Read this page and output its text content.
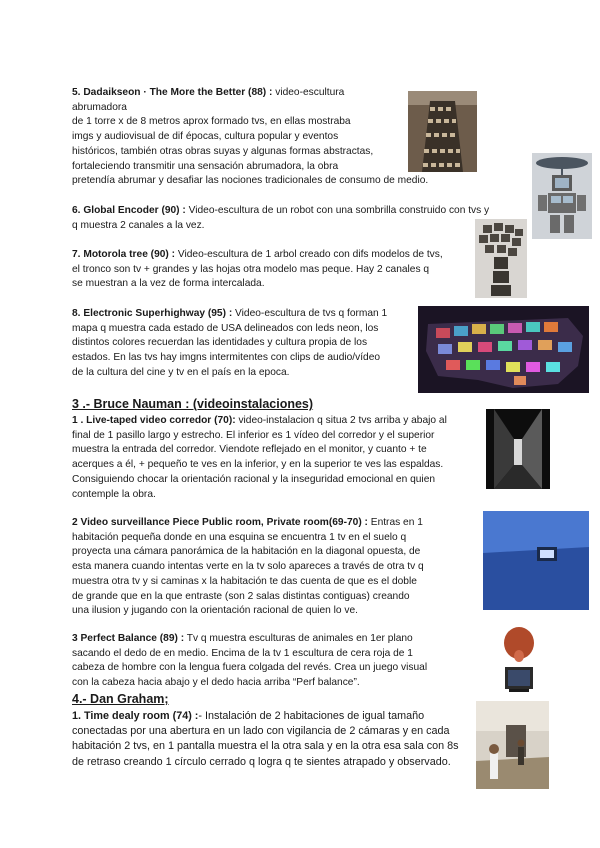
5. Dadaikseon · The More the Better (88) : video-escultura
abrumadora
de 1 torre x de 8 metros aprox formado tvs, en ellas mostraba
imgs y audiovisual de dif épocas, cultura popular y eventos
históricos, también otras obras suyas y algunas formas abstractas,
fortaleciendo transmitir una sensación abrumadora, la obra
pretendía abrumar y desafiar las nociones tradicionales de consumo de medio.

6. Global Encoder (90) : Video-escultura de un robot con una sombrilla construido con tvs y
q muestra 2 canales a la vez.

7. Motorola tree (90) : Video-escultura de 1 arbol creado con difs modelos de tvs,
el tronco son tv + grandes y las hojas otra modelo mas peque. Hay 2 canales q
se muestran a la vez de forma intercalada.

8. Electronic Superhighway (95) : Video-escultura de tvs q forman 1
mapa q muestra cada estado de USA delineados con leds neon, los
distintos colores recuerdan las identidades y cultura propia de los
estados. En las tvs hay imgns intermitentes con clips de audio/vídeo
de la cultura del cine y tv en el país en la epoca.

3 .- Bruce Nauman : (videoinstalaciones)

1 . Live-taped video corredor (70): video-instalacion q situa 2 tvs arriba y abajo al
final de 1 pasillo largo y estrecho. El inferior es 1 vídeo del corredor y el superior
muestra la entrada del corredor. Viendote reflejado en el monitor, y cuanto + te
acerques a él, + pequeño te ves en la inferior, y en la superior te ves las espaldas.
Consiguiendo chocar la orientación racional y la inseguridad emocional en quien
contemple la obra.

2 Video surveillance Piece Public room, Private room(69-70) : Entras en 1
habitación pequeña donde en una esquina se encuentra 1 tv en el suelo q
proyecta una cámara panorámica de la habitación en la diagonal opuesta, de
esta manera cuando intentas verte en la tv solo apareces a través de otra tv q
muestra otra tv y si caminas x la habitación te das cuenta de que es el doble
de grande que en la que entraste (son 2 salas distintas contiguas) creando
una ilusion y jugando con la orientación racional de quien lo ve.

3 Perfect Balance (89) : Tv q muestra esculturas de animales en 1er plano
sacando el dedo de en medio. Encima de la tv 1 escultura de cera roja de 1
cabeza de hombre con la lengua fuera colgada del revés. Crea un juego visual
con la cabeza hacia abajo y el dedo hacia arriba “Perf balance”.

4.- Dan Graham;

1. Time dealy room (74) :- Instalación de 2 habitaciones de igual tamaño
conectadas por una abertura en un lado con vigilancia de 2 cámaras y en cada
habitación 2 tvs, en 1 pantalla muestra el la otra sala y en la otra esa sala con 8s
de retraso creando 1 círculo cerrado q logra q te sientes atrapado y observado.
